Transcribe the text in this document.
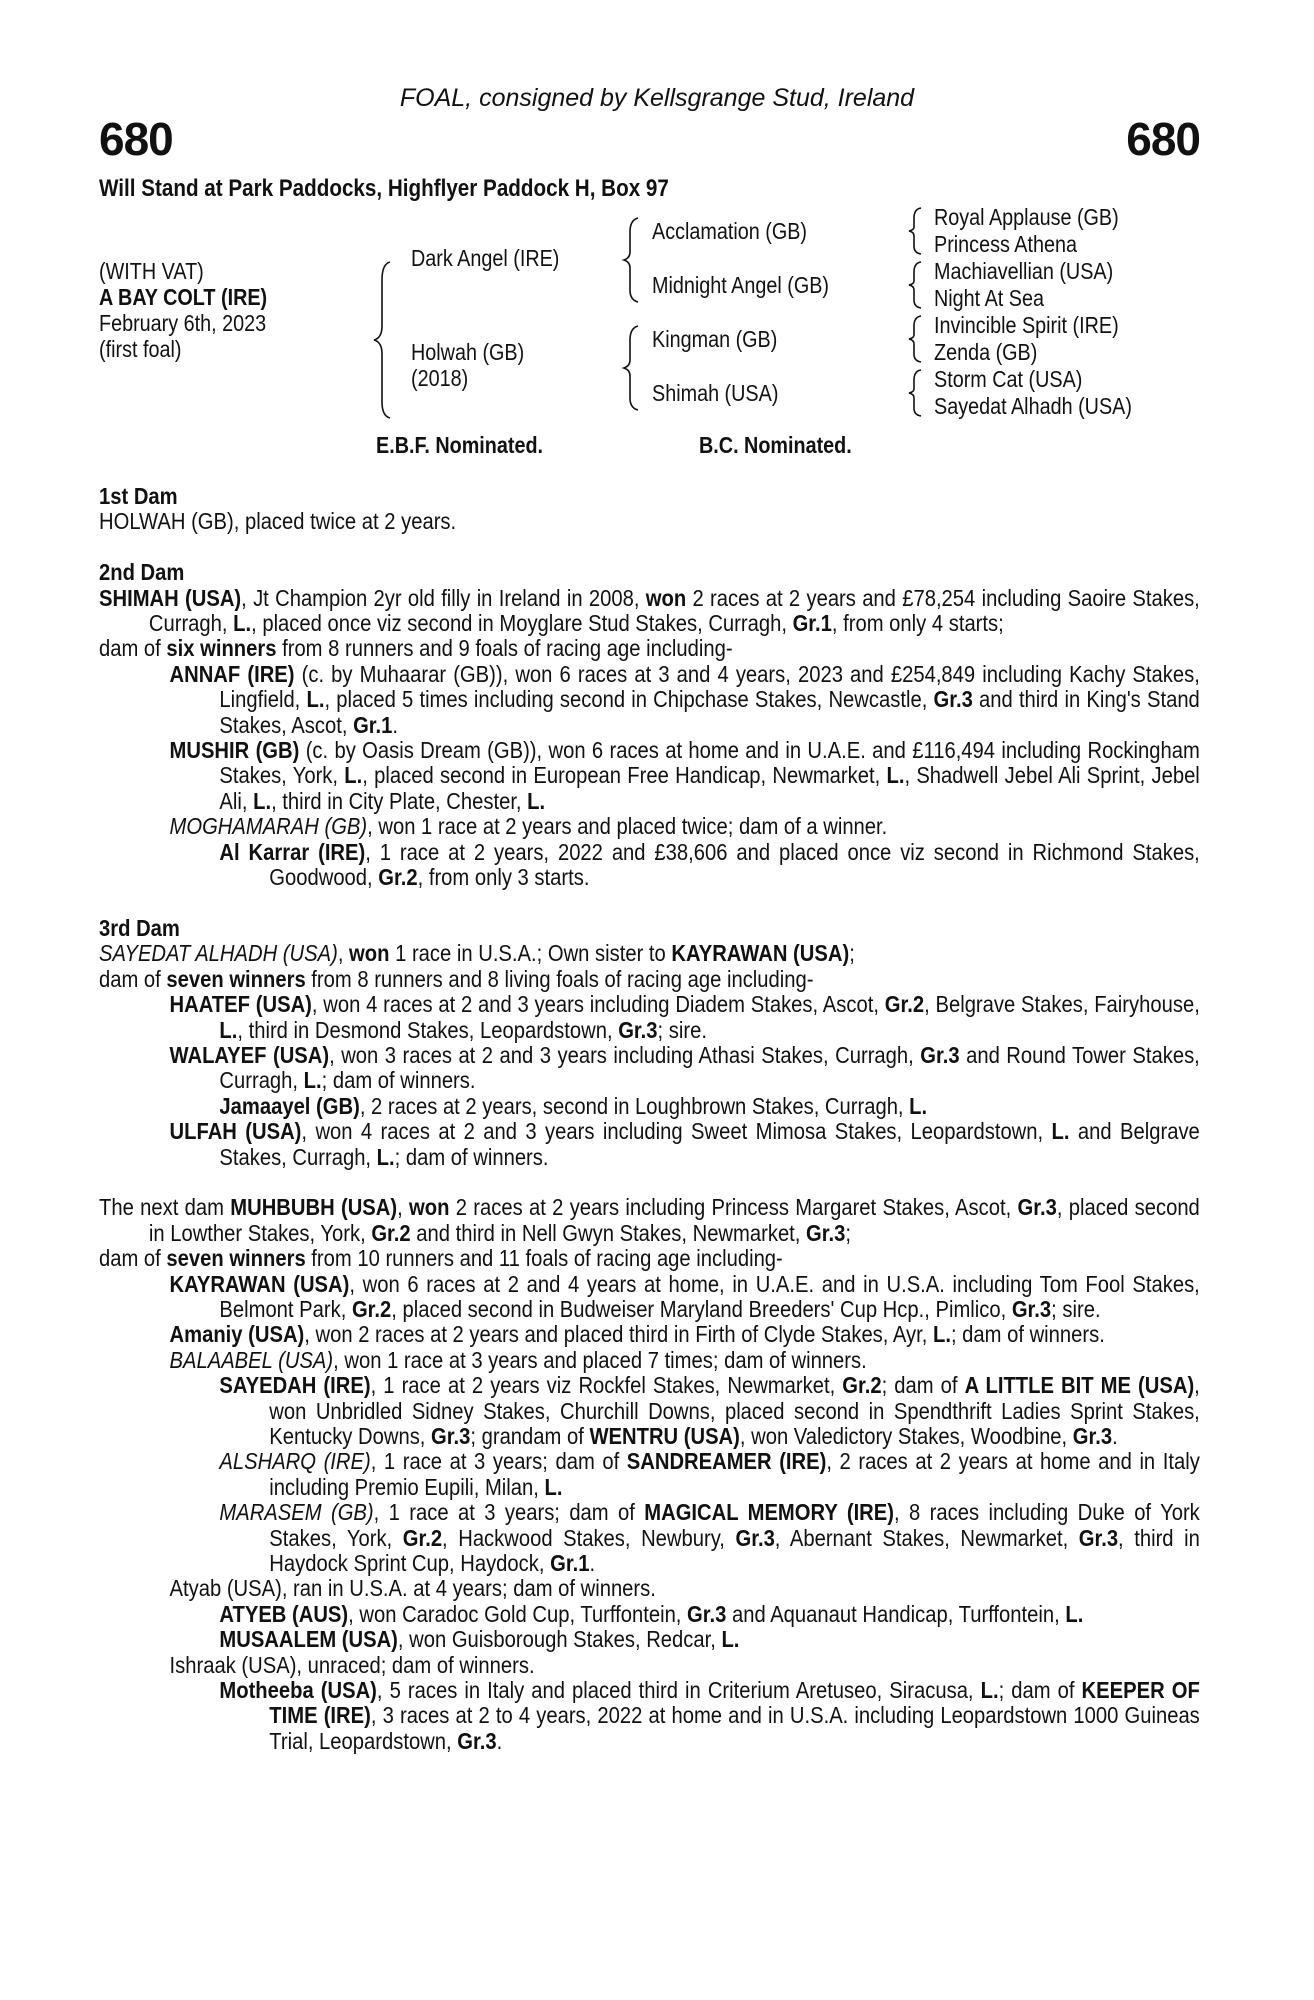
FOAL, consigned by Kellsgrange Stud, Ireland
680	680
Will Stand at Park Paddocks, Highflyer Paddock H, Box 97
(WITH VAT)
A BAY COLT (IRE)
February 6th, 2023
(first foal)
Dark Angel (IRE)
Holwah (GB)
(2018)
Acclamation (GB)
Midnight Angel (GB)
Kingman (GB)
Shimah (USA)
Royal Applause (GB)
Princess Athena
Machiavellian (USA)
Night At Sea
Invincible Spirit (IRE)
Zenda (GB)
Storm Cat (USA)
Sayedat Alhadh (USA)
E.B.F. Nominated.	B.C. Nominated.
1st Dam
HOLWAH (GB), placed twice at 2 years.
2nd Dam
SHIMAH (USA), Jt Champion 2yr old filly in Ireland in 2008, won 2 races at 2 years and £78,254 including Saoire Stakes, Curragh, L., placed once viz second in Moyglare Stud Stakes, Curragh, Gr.1, from only 4 starts;
dam of six winners from 8 runners and 9 foals of racing age including-
ANNAF (IRE) (c. by Muhaarar (GB)), won 6 races at 3 and 4 years, 2023 and £254,849 including Kachy Stakes, Lingfield, L., placed 5 times including second in Chipchase Stakes, Newcastle, Gr.3 and third in King's Stand Stakes, Ascot, Gr.1.
MUSHIR (GB) (c. by Oasis Dream (GB)), won 6 races at home and in U.A.E. and £116,494 including Rockingham Stakes, York, L., placed second in European Free Handicap, Newmarket, L., Shadwell Jebel Ali Sprint, Jebel Ali, L., third in City Plate, Chester, L.
MOGHAMARAH (GB), won 1 race at 2 years and placed twice; dam of a winner.
Al Karrar (IRE), 1 race at 2 years, 2022 and £38,606 and placed once viz second in Richmond Stakes, Goodwood, Gr.2, from only 3 starts.
3rd Dam
SAYEDAT ALHADH (USA), won 1 race in U.S.A.; Own sister to KAYRAWAN (USA);
dam of seven winners from 8 runners and 8 living foals of racing age including-
HAATEF (USA), won 4 races at 2 and 3 years including Diadem Stakes, Ascot, Gr.2, Belgrave Stakes, Fairyhouse, L., third in Desmond Stakes, Leopardstown, Gr.3; sire.
WALAYEF (USA), won 3 races at 2 and 3 years including Athasi Stakes, Curragh, Gr.3 and Round Tower Stakes, Curragh, L.; dam of winners.
Jamaayel (GB), 2 races at 2 years, second in Loughbrown Stakes, Curragh, L.
ULFAH (USA), won 4 races at 2 and 3 years including Sweet Mimosa Stakes, Leopardstown, L. and Belgrave Stakes, Curragh, L.; dam of winners.
The next dam MUHBUBH (USA), won 2 races at 2 years including Princess Margaret Stakes, Ascot, Gr.3, placed second in Lowther Stakes, York, Gr.2 and third in Nell Gwyn Stakes, Newmarket, Gr.3;
dam of seven winners from 10 runners and 11 foals of racing age including-
KAYRAWAN (USA), won 6 races at 2 and 4 years at home, in U.A.E. and in U.S.A. including Tom Fool Stakes, Belmont Park, Gr.2, placed second in Budweiser Maryland Breeders' Cup Hcp., Pimlico, Gr.3; sire.
Amaniy (USA), won 2 races at 2 years and placed third in Firth of Clyde Stakes, Ayr, L.; dam of winners.
BALAABEL (USA), won 1 race at 3 years and placed 7 times; dam of winners.
SAYEDAH (IRE), 1 race at 2 years viz Rockfel Stakes, Newmarket, Gr.2; dam of A LITTLE BIT ME (USA), won Unbridled Sidney Stakes, Churchill Downs, placed second in Spendthrift Ladies Sprint Stakes, Kentucky Downs, Gr.3; grandam of WENTRU (USA), won Valedictory Stakes, Woodbine, Gr.3.
ALSHARQ (IRE), 1 race at 3 years; dam of SANDREAMER (IRE), 2 races at 2 years at home and in Italy including Premio Eupili, Milan, L.
MARASEM (GB), 1 race at 3 years; dam of MAGICAL MEMORY (IRE), 8 races including Duke of York Stakes, York, Gr.2, Hackwood Stakes, Newbury, Gr.3, Abernant Stakes, Newmarket, Gr.3, third in Haydock Sprint Cup, Haydock, Gr.1.
Atyab (USA), ran in U.S.A. at 4 years; dam of winners.
ATYEB (AUS), won Caradoc Gold Cup, Turffontein, Gr.3 and Aquanaut Handicap, Turffontein, L.
MUSAALEM (USA), won Guisborough Stakes, Redcar, L.
Ishraak (USA), unraced; dam of winners.
Motheeba (USA), 5 races in Italy and placed third in Criterium Aretuseo, Siracusa, L.; dam of KEEPER OF TIME (IRE), 3 races at 2 to 4 years, 2022 at home and in U.S.A. including Leopardstown 1000 Guineas Trial, Leopardstown, Gr.3.
